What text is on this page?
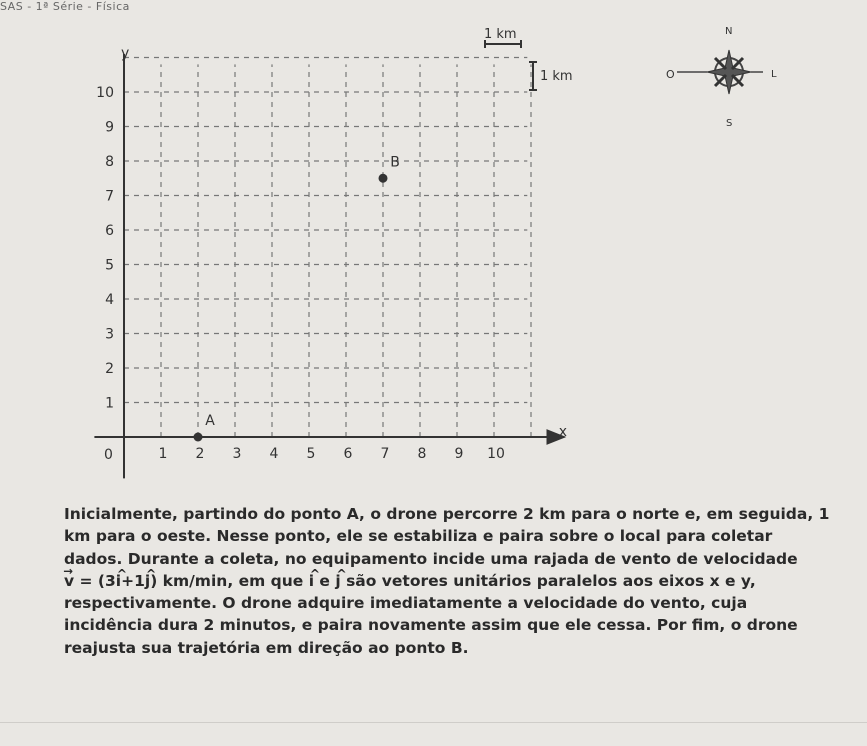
SAS - 1ª Série - Física
1 2 3 4 5 6 7 8 9 10
1
2
3
4
5
6
7
8
9
10
A
B
y
x
0
1 km
1 km
N
S
L
O

Inicialmente, partindo do ponto A, o drone percorre 2 km para o norte e, em seguida, 1
km para o oeste. Nesse ponto, ele se estabiliza e paira sobre o local para coletar
dados. Durante a coleta, no equipamento incide uma rajada de vento de velocidade
v → = (3i ^+1j ^) km/min, em que i ^ e j ^ são vetores unitários paralelos aos eixos x e y,
respectivamente. O drone adquire imediatamente a velocidade do vento, cuja
incidência dura 2 minutos, e paira novamente assim que ele cessa. Por fim, o drone
reajusta sua trajetória em direção ao ponto B.
